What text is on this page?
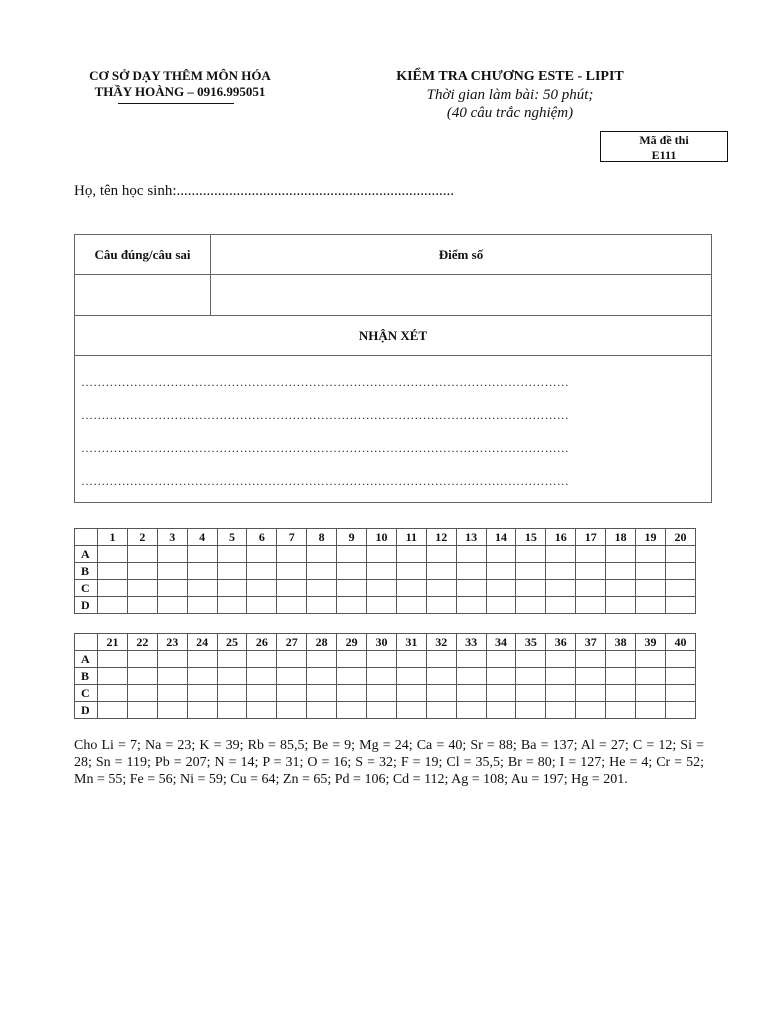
CƠ SỞ DẠY THÊM MÔN HÓA
THẦY HOÀNG – 0916.995051
KIỂM TRA CHƯƠNG ESTE - LIPIT
Thời gian làm bài: 50 phút;
(40 câu trắc nghiệm)
Mã đề thi
E111
Họ, tên học sinh:..........................................................................
Câu đúng/câu sai	Điểm số

NHẬN XÉT	

…………………………………………………………………………………………………………
…………………………………………………………………………………………………………
…………………………………………………………………………………………………………
…………………………………………………………………………………………………………	
	1	2	3	4	5	6	7	8	9	10	11	12	13	14	15	16	17	18	19	20
A																				
B																				
C																				
D																				
	21	22	23	24	25	26	27	28	29	30	31	32	33	34	35	36	37	38	39	40
A																				
B																				
C																				
D																				
Cho Li = 7; Na = 23; K = 39; Rb = 85,5; Be = 9; Mg = 24; Ca = 40; Sr = 88; Ba = 137; Al = 27; C = 12; Si = 28; Sn = 119; Pb = 207; N = 14; P = 31; O = 16; S = 32; F = 19; Cl = 35,5; Br = 80; I = 127; He = 4; Cr = 52; Mn = 55; Fe = 56; Ni = 59; Cu = 64; Zn = 65; Pd = 106; Cd = 112; Ag = 108; Au = 197; Hg = 201.
